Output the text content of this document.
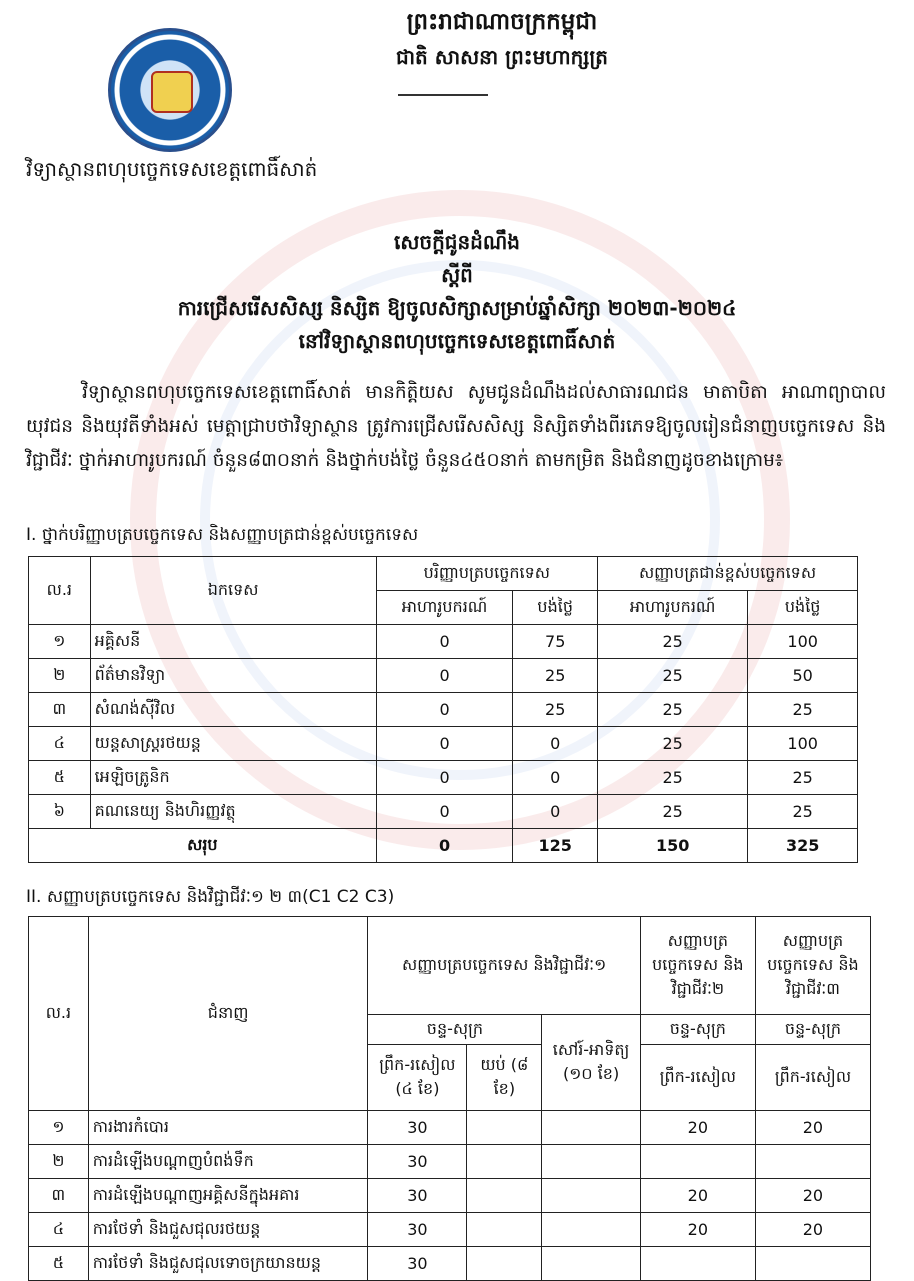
ព្រះរាជាណាចក្រកម្ពុជា
ជាតិ សាសនា ព្រះមហាក្សត្រ
វិទ្យាស្ថានពហុបច្ចេកទេសខេត្តពោធិ៍សាត់
សេចក្តីជូនដំណឹង
ស្តីពី
ការជ្រើសរើសសិស្ស និស្សិត ឱ្យចូលសិក្សាសម្រាប់ឆ្នាំសិក្សា ២០២៣-២០២៤
នៅវិទ្យាស្ថានពហុបច្ចេកទេសខេត្តពោធិ៍សាត់
វិទ្យាស្ថានពហុបច្ចេកទេសខេត្តពោធិ៍សាត់ មានកិត្តិយស សូមជូនដំណឹងដល់សាធារណជន មាតាបិតា អាណាព្យាបាល យុវជន និងយុវតីទាំងអស់ មេត្តាជ្រាបថាវិទ្យាស្ថាន ត្រូវការជ្រើសរើសសិស្ស និស្សិតទាំងពីរភេទឱ្យចូលរៀនជំនាញបច្ចេកទេស និងវិជ្ជាជីវៈ ថ្នាក់អាហារូបករណ៍ ចំនួន៨៣០នាក់ និងថ្នាក់បង់ថ្លៃ ចំនួន៤៥០នាក់ តាមកម្រិត និងជំនាញដូចខាងក្រោម៖
I. ថ្នាក់បរិញ្ញាបត្របច្ចេកទេស និងសញ្ញាបត្រជាន់ខ្ពស់បច្ចេកទេស
ល.រ	ឯកទេស	បរិញ្ញាបត្របច្ចេកទេស		សញ្ញាបត្រជាន់ខ្ពស់បច្ចេកទេស	
		អាហារូបករណ៍	បង់ថ្លៃ	អាហារូបករណ៍	បង់ថ្លៃ
១	អគ្គិសនី	0	75	25	100
២	ព័ត៌មានវិទ្យា	0	25	25	50
៣	សំណង់ស៊ីវិល	0	25	25	25
៤	យន្តសាស្ត្ររថយន្ត	0	0	25	100
៥	អេឡិចត្រូនិក	0	0	25	25
៦	គណនេយ្យ និងហិរញ្ញវត្ថុ	0	0	25	25
សរុប		0	125	150	325
II. សញ្ញាបត្របច្ចេកទេស និងវិជ្ជាជីវៈ១ ២ ៣(C1 C2 C3)
ល.រ	ជំនាញ	សញ្ញាបត្របច្ចេកទេស និងវិជ្ជាជីវៈ១			សញ្ញាបត្របច្ចេកទេស និងវិជ្ជាជីវៈ២	សញ្ញាបត្របច្ចេកទេស និងវិជ្ជាជីវៈ៣
		ចន្ទ-សុក្រ		សៅរ៍-អាទិត្យ (១០ ខែ)	ចន្ទ-សុក្រ	ចន្ទ-សុក្រ
		ព្រឹក-រសៀល (៤ ខែ)	យប់ (៨ ខែ)		ព្រឹក-រសៀល	ព្រឹក-រសៀល
១	ការងារកំបោរ	30			20	20
២	ការដំឡើងបណ្តាញបំពង់ទឹក	30				
៣	ការដំឡើងបណ្តាញអគ្គិសនីក្នុងអគារ	30			20	20
៤	ការថែទាំ និងជួសជុលរថយន្ត	30			20	20
៥	ការថែទាំ និងជួសជុលទោចក្រយានយន្ត	30				
